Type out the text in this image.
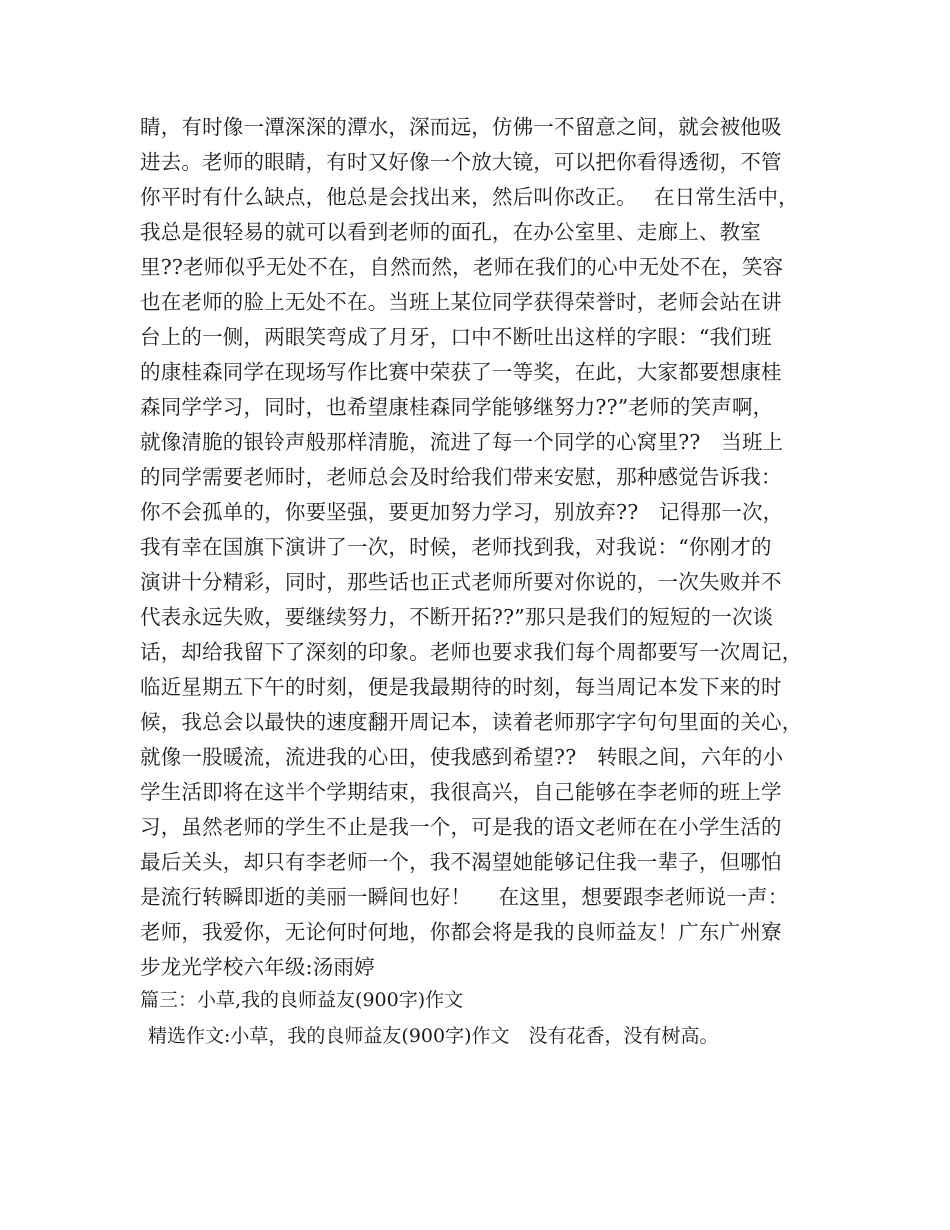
睛，有时像一潭深深的潭水，深而远，仿佛一不留意之间，就会被他吸
进去。老师的眼睛，有时又好像一个放大镜，可以把你看得透彻，不管
你平时有什么缺点，他总是会找出来，然后叫你改正。　 在日常生活中，
我总是很轻易的就可以看到老师的面孔，在办公室里、走廊上、教室
里??老师似乎无处不在，自然而然，老师在我们的心中无处不在，笑容
也在老师的脸上无处不在。当班上某位同学获得荣誉时，老师会站在讲
台上的一侧，两眼笑弯成了月牙，口中不断吐出这样的字眼：“我们班
的康桂森同学在现场写作比赛中荣获了一等奖，在此，大家都要想康桂
森同学学习，同时，也希望康桂森同学能够继努力??”老师的笑声啊，
就像清脆的银铃声般那样清脆，流进了每一个同学的心窝里??　当班上
的同学需要老师时，老师总会及时给我们带来安慰，那种感觉告诉我：
你不会孤单的，你要坚强，要更加努力学习，别放弃??　记得那一次，
我有幸在国旗下演讲了一次，时候，老师找到我，对我说：“你刚才的
演讲十分精彩，同时，那些话也正式老师所要对你说的，一次失败并不
代表永远失败，要继续努力，不断开拓??”那只是我们的短短的一次谈
话，却给我留下了深刻的印象。老师也要求我们每个周都要写一次周记，
临近星期五下午的时刻，便是我最期待的时刻，每当周记本发下来的时
候，我总会以最快的速度翻开周记本，读着老师那字字句句里面的关心，
就像一股暖流，流进我的心田，使我感到希望??　转眼之间，六年的小
学生活即将在这半个学期结束，我很高兴，自己能够在李老师的班上学
习，虽然老师的学生不止是我一个，可是我的语文老师在在小学生活的
最后关头，却只有李老师一个，我不渴望她能够记住我一辈子，但哪怕
是流行转瞬即逝的美丽一瞬间也好！　 在这里，想要跟李老师说一声：
老师，我爱你，无论何时何地，你都会将是我的良师益友！广东广州寮
步龙光学校六年级:汤雨婷
篇三：小草,我的良师益友(900字)作文
精选作文:小草，我的良师益友(900字)作文　没有花香，没有树高。
